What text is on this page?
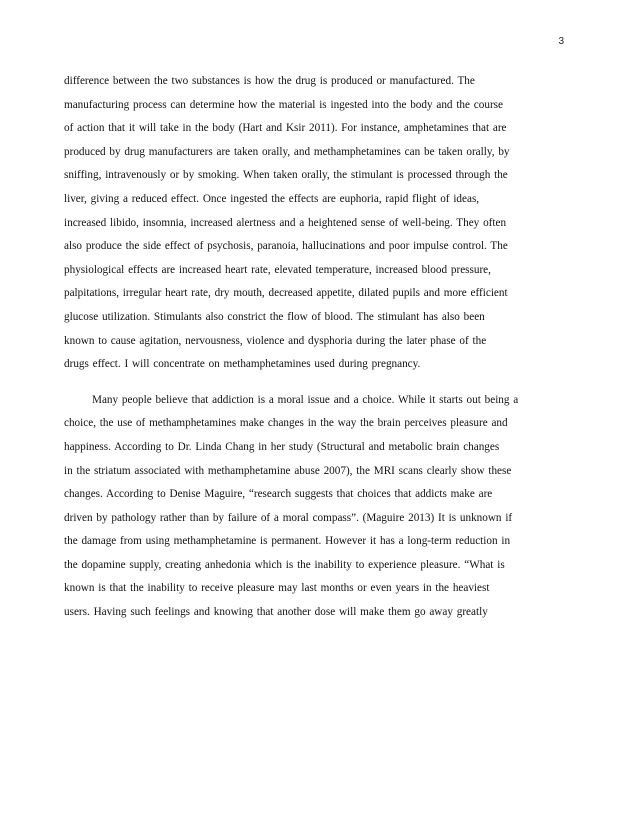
3
difference between the two substances is how the drug is produced or manufactured. The
manufacturing process can determine how the material is ingested into the body and the course
of action that it will take in the body (Hart and Ksir 2011). For instance, amphetamines that are
produced by drug manufacturers are taken orally, and methamphetamines can be taken orally, by
sniffing, intravenously or by smoking. When taken orally, the stimulant is processed through the
liver, giving a reduced effect. Once ingested the effects are euphoria, rapid flight of ideas,
increased libido, insomnia, increased alertness and a heightened sense of well-being. They often
also produce the side effect of psychosis, paranoia, hallucinations and poor impulse control. The
physiological effects are increased heart rate, elevated temperature, increased blood pressure,
palpitations, irregular heart rate, dry mouth, decreased appetite, dilated pupils and more efficient
glucose utilization. Stimulants also constrict the flow of blood. The stimulant has also been
known to cause agitation, nervousness, violence and dysphoria during the later phase of the
drugs effect. I will concentrate on methamphetamines used during pregnancy.
Many people believe that addiction is a moral issue and a choice. While it starts out being a
choice, the use of methamphetamines make changes in the way the brain perceives pleasure and
happiness. According to Dr. Linda Chang in her study (Structural and metabolic brain changes
in the striatum associated with methamphetamine abuse 2007), the MRI scans clearly show these
changes. According to Denise Maguire, “research suggests that choices that addicts make are
driven by pathology rather than by failure of a moral compass”. (Maguire 2013) It is unknown if
the damage from using methamphetamine is permanent. However it has a long-term reduction in
the dopamine supply, creating anhedonia which is the inability to experience pleasure. “What is
known is that the inability to receive pleasure may last months or even years in the heaviest
users. Having such feelings and knowing that another dose will make them go away greatly
